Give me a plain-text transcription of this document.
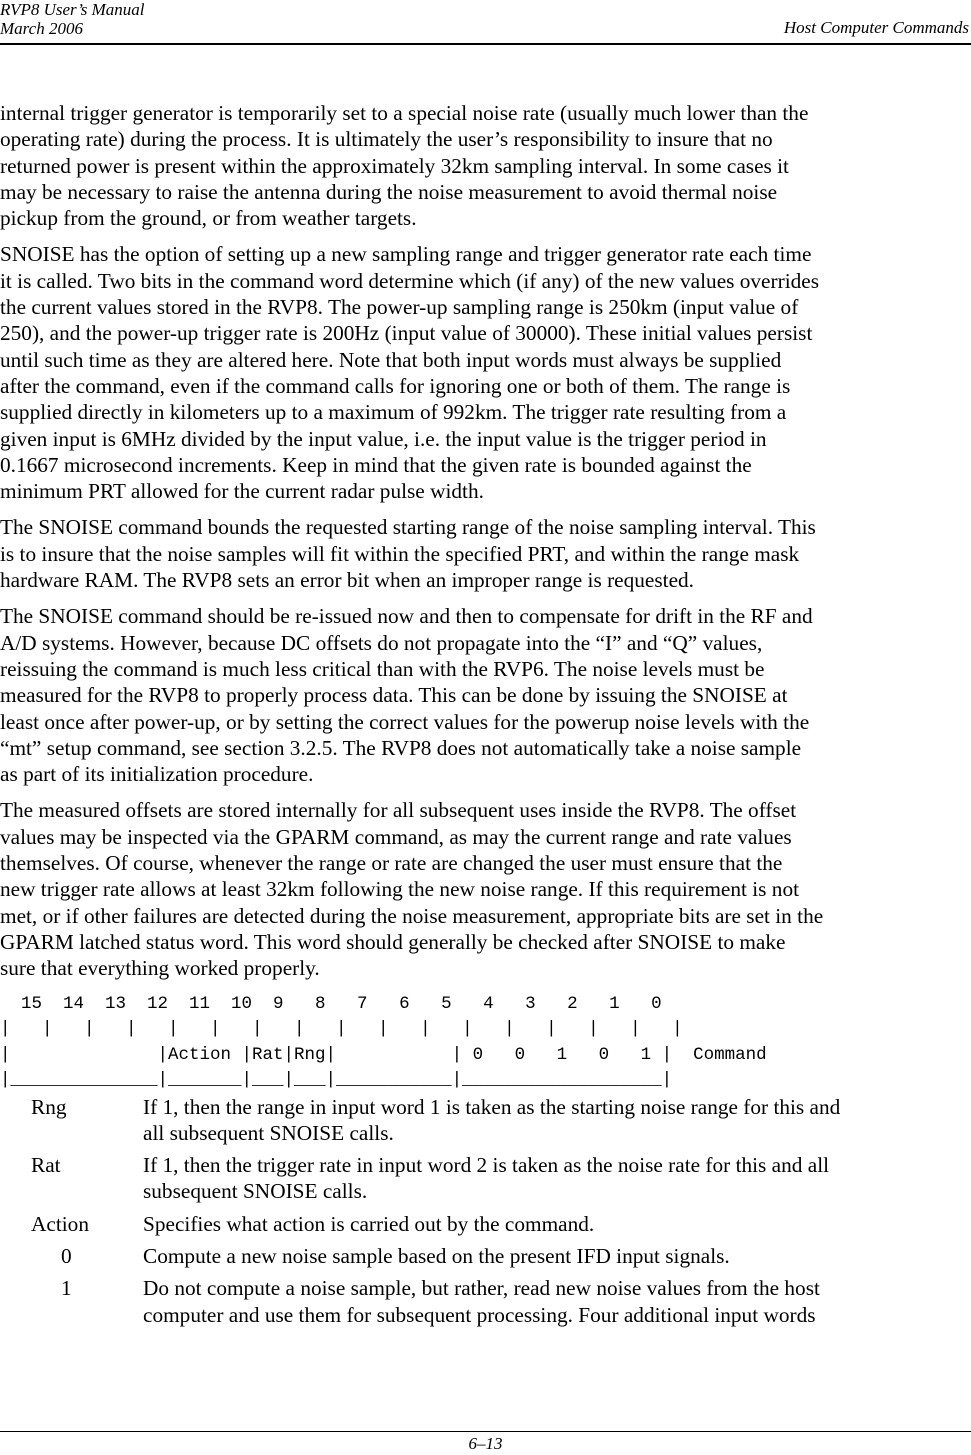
RVP8 User’s Manual
March 2006	Host Computer Commands

internal trigger generator is temporarily set to a special noise rate (usually much lower than the
operating rate) during the process. It is ultimately the user’s responsibility to insure that no
returned power is present within the approximately 32km sampling interval. In some cases it
may be necessary to raise the antenna during the noise measurement to avoid thermal noise
pickup from the ground, or from weather targets.

SNOISE has the option of setting up a new sampling range and trigger generator rate each time
it is called. Two bits in the command word determine which (if any) of the new values overrides
the current values stored in the RVP8. The power-up sampling range is 250km (input value of
250), and the power-up trigger rate is 200Hz (input value of 30000). These initial values persist
until such time as they are altered here. Note that both input words must always be supplied
after the command, even if the command calls for ignoring one or both of them. The range is
supplied directly in kilometers up to a maximum of 992km. The trigger rate resulting from a
given input is 6MHz divided by the input value, i.e. the input value is the trigger period in
0.1667 microsecond increments. Keep in mind that the given rate is bounded against the
minimum PRT allowed for the current radar pulse width.

The SNOISE command bounds the requested starting range of the noise sampling interval. This
is to insure that the noise samples will fit within the specified PRT, and within the range mask
hardware RAM. The RVP8 sets an error bit when an improper range is requested.

The SNOISE command should be re-issued now and then to compensate for drift in the RF and
A/D systems. However, because DC offsets do not propagate into the “I” and “Q” values,
reissuing the command is much less critical than with the RVP6. The noise levels must be
measured for the RVP8 to properly process data. This can be done by issuing the SNOISE at
least once after power-up, or by setting the correct values for the powerup noise levels with the
“mt” setup command, see section 3.2.5. The RVP8 does not automatically take a noise sample
as part of its initialization procedure.

The measured offsets are stored internally for all subsequent uses inside the RVP8. The offset
values may be inspected via the GPARM command, as may the current range and rate values
themselves. Of course, whenever the range or rate are changed the user must ensure that the
new trigger rate allows at least 32km following the new noise range. If this requirement is not
met, or if other failures are detected during the noise measurement, appropriate bits are set in the
GPARM latched status word. This word should generally be checked after SNOISE to make
sure that everything worked properly.

15  14  13  12  11  10  9   8   7   6   5   4   3   2   1   0
|   |   |   |   |   |   |   |   |   |   |   |   |   |   |   |   |
|              |Action |Rat|Rng|           | 0   0   1   0   1 |  Command
|______________|_______|___|___|___________|___________________|
Rng	If 1, then the range in input word 1 is taken as the starting noise range for this and
all subsequent SNOISE calls.
Rat	If 1, then the trigger rate in input word 2 is taken as the noise rate for this and all
subsequent SNOISE calls.
Action	Specifies what action is carried out by the command.
0	Compute a new noise sample based on the present IFD input signals.
1	Do not compute a noise sample, but rather, read new noise values from the host
computer and use them for subsequent processing. Four additional input words
6–13
